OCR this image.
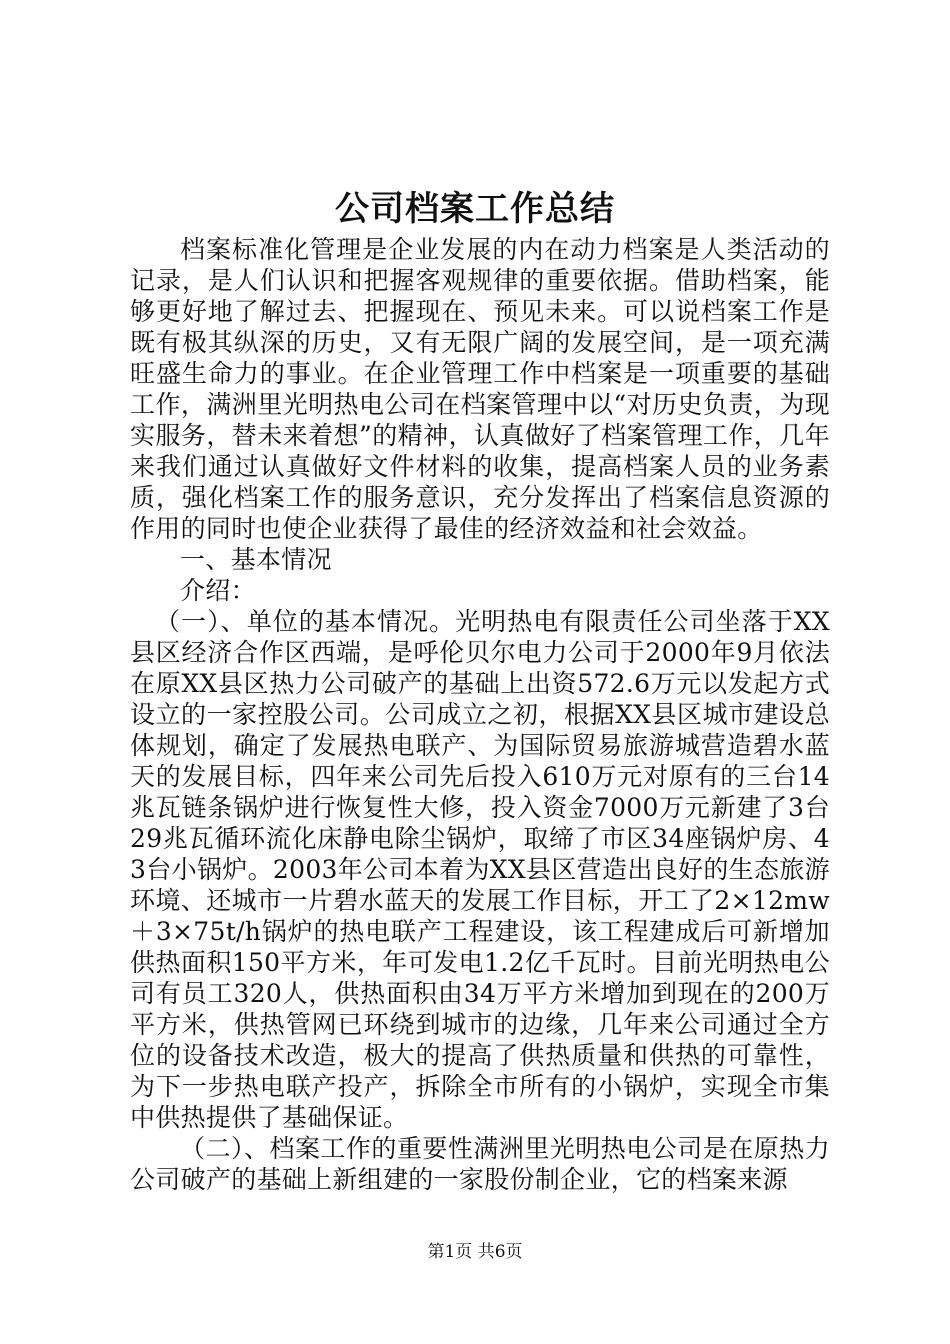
公司档案工作总结

档案标准化管理是企业发展的内在动力档案是人类活动的记录，是人们认识和把握客观规律的重要依据。借助档案，能够更好地了解过去、把握现在、预见未来。可以说档案工作是既有极其纵深的历史，又有无限广阔的发展空间，是一项充满旺盛生命力的事业。在企业管理工作中档案是一项重要的基础工作，满洲里光明热电公司在档案管理中以“对历史负责，为现实服务，替未来着想”的精神，认真做好了档案管理工作，几年来我们通过认真做好文件材料的收集，提高档案人员的业务素质，强化档案工作的服务意识，充分发挥出了档案信息资源的作用的同时也使企业获得了最佳的经济效益和社会效益。

一、基本情况

介绍：

（一）、单位的基本情况。光明热电有限责任公司坐落于XX县区经济合作区西端，是呼伦贝尔电力公司于2000年9月依法在原XX县区热力公司破产的基础上出资572.6万元以发起方式设立的一家控股公司。公司成立之初，根据XX县区城市建设总体规划，确定了发展热电联产、为国际贸易旅游城营造碧水蓝天的发展目标，四年来公司先后投入610万元对原有的三台14兆瓦链条锅炉进行恢复性大修，投入资金7000万元新建了3台29兆瓦循环流化床静电除尘锅炉，取缔了市区34座锅炉房、43台小锅炉。2003年公司本着为XX县区营造出良好的生态旅游环境、还城市一片碧水蓝天的发展工作目标，开工了2×12mw＋3×75t/h锅炉的热电联产工程建设，该工程建成后可新增加供热面积150平方米，年可发电1.2亿千瓦时。目前光明热电公司有员工320人，供热面积由34万平方米增加到现在的200万平方米，供热管网已环绕到城市的边缘，几年来公司通过全方位的设备技术改造，极大的提高了供热质量和供热的可靠性，为下一步热电联产投产，拆除全市所有的小锅炉，实现全市集中供热提供了基础保证。

（二）、档案工作的重要性满洲里光明热电公司是在原热力公司破产的基础上新组建的一家股份制企业，它的档案来源

第1页 共6页
